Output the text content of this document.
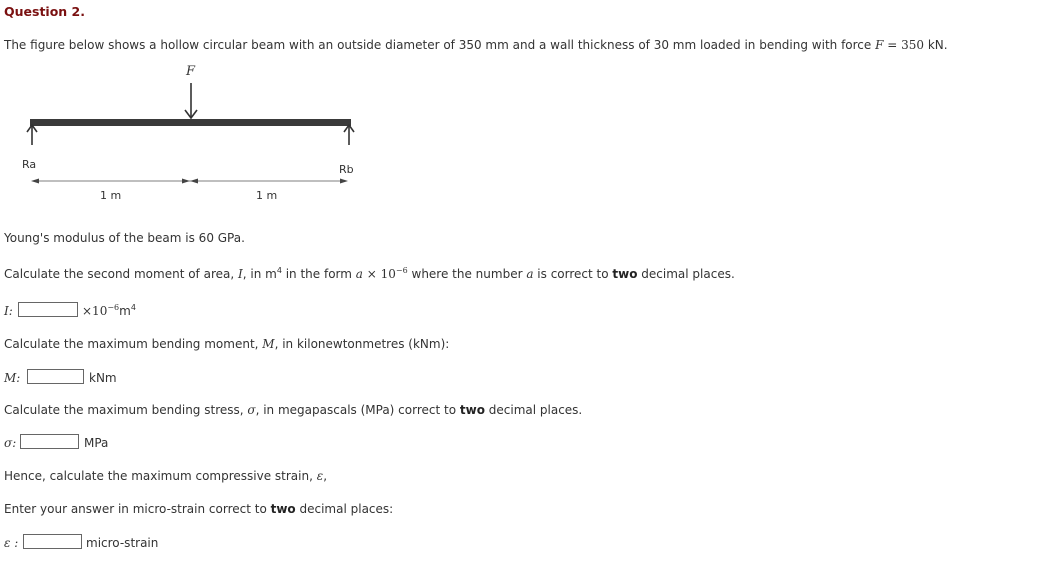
Question 2.
The figure below shows a hollow circular beam with an outside diameter of 350 mm and a wall thickness of 30 mm loaded in bending with force F = 350 kN.
F
Ra	Rb
1 m	1 m
Young's modulus of the beam is 60 GPa.
Calculate the second moment of area, I, in $m^4$ in the form $a \times 10^{-6}$ where the number a is correct to two decimal places.
I:	$\times 10^{-6}m^4$
Calculate the maximum bending moment, M, in kilonewtonmetres (kNm):
M:	kNm
Calculate the maximum bending stress, σ, in megapascals (MPa) correct to two decimal places.
σ:	MPa
Hence, calculate the maximum compressive strain, ε,
Enter your answer in micro-strain correct to two decimal places:
ε :	micro-strain
